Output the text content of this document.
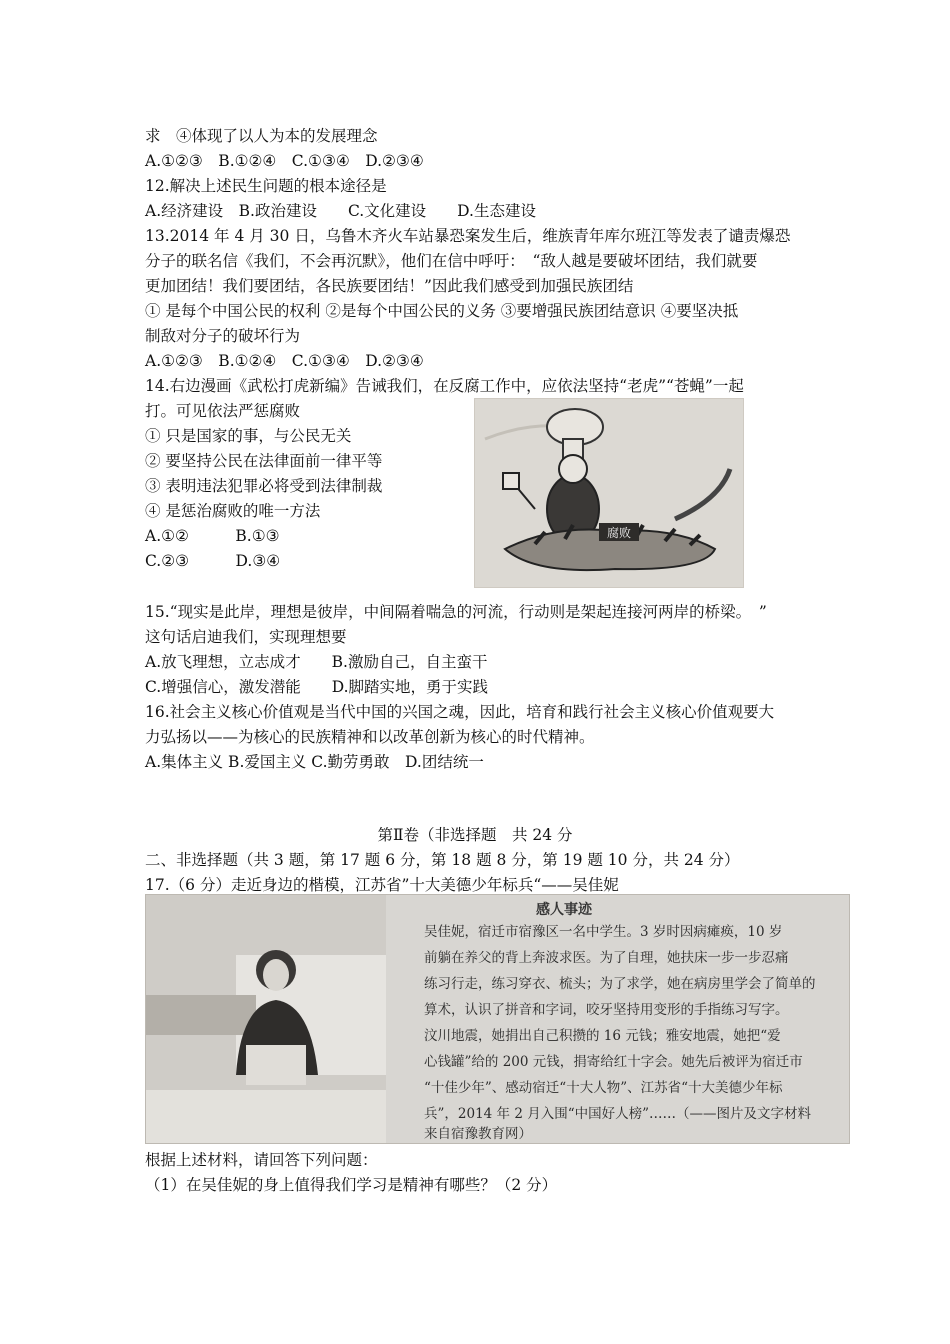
求　④体现了以人为本的发展理念
A.①②③　B.①②④　C.①③④　D.②③④
12.解决上述民生问题的根本途径是
A.经济建设　B.政治建设　　C.文化建设　　D.生态建设
13.2014 年 4 月 30 日，乌鲁木齐火车站暴恐案发生后，维族青年库尔班江等发表了谴责爆恐
分子的联名信《我们，不会再沉默》，他们在信中呼吁：　“敌人越是要破坏团结，我们就要
更加团结！我们要团结，各民族要团结！”因此我们感受到加强民族团结
① 是每个中国公民的权利 ②是每个中国公民的义务 ③要增强民族团结意识 ④要坚决抵
制敌对分子的破坏行为
A.①②③　B.①②④　C.①③④　D.②③④
14.右边漫画《武松打虎新编》告诫我们，在反腐工作中，应依法坚持“老虎”“苍蝇”一起
打。可见依法严惩腐败
① 只是国家的事，与公民无关
② 要坚持公民在法律面前一律平等
③ 表明违法犯罪必将受到法律制裁
④ 是惩治腐败的唯一方法
A.①②　　　B.①③
C.②③　　　D.③④
15.“现实是此岸，理想是彼岸，中间隔着喘急的河流，行动则是架起连接河两岸的桥梁。　”
这句话启迪我们，实现理想要
A.放飞理想，立志成才　　B.激励自己，自主蛮干
C.增强信心，激发潜能　　D.脚踏实地，勇于实践
16.社会主义核心价值观是当代中国的兴国之魂，因此，培育和践行社会主义核心价值观要大
力弘扬以——为核心的民族精神和以改革创新为核心的时代精神。
A.集体主义 B.爱国主义 C.勤劳勇敢　D.团结统一
第Ⅱ卷（非选择题　共 24 分
二、非选择题（共 3 题，第 17 题 6 分，第 18 题 8 分，第 19 题 10 分，共 24 分）
17.（6 分）走近身边的楷模，江苏省”十大美德少年标兵“——吴佳妮
根据上述材料，请回答下列问题：
（1）在吴佳妮的身上值得我们学习是精神有哪些？（2 分）
腐败
感人事迹
吴佳妮，宿迁市宿豫区一名中学生。3 岁时因病瘫痪，10 岁
前躺在养父的背上奔波求医。为了自理，她扶床一步一步忍痛
练习行走，练习穿衣、梳头；为了求学，她在病房里学会了简单的
算术，认识了拼音和字词，咬牙坚持用变形的手指练习写字。
汶川地震，她捐出自己积攒的 16 元钱；雅安地震，她把“爱
心钱罐”给的 200 元钱，捐寄给红十字会。她先后被评为宿迁市
“十佳少年”、感动宿迁“十大人物”、江苏省“十大美德少年标
兵”，2014 年 2 月入围“中国好人榜”……（——图片及文字材料
来自宿豫教育网）
